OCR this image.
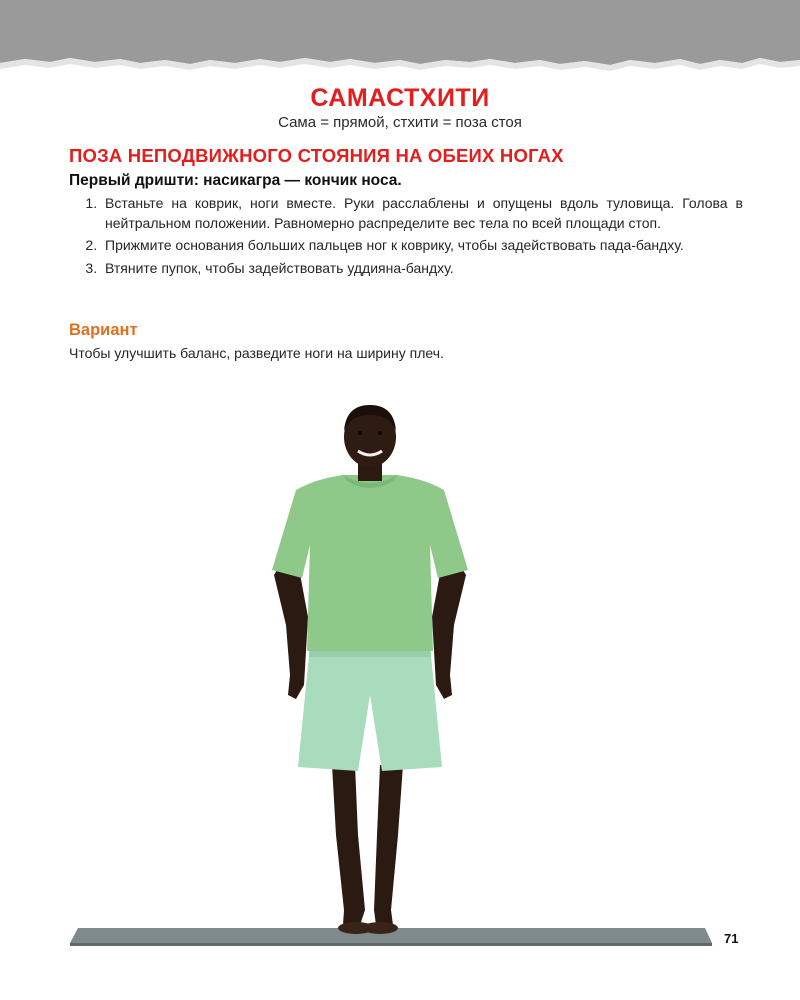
САМАСТХИТИ
Сама = прямой, стхити = поза стоя
ПОЗА НЕПОДВИЖНОГО СТОЯНИЯ НА ОБЕИХ НОГАХ
Первый дришти: насикагра — кончик носа.
1. Встаньте на коврик, ноги вместе. Руки расслаблены и опущены вдоль туловища. Голова в нейтральном положении. Равномерно распределите вес тела по всей площади стоп.
2. Прижмите основания больших пальцев ног к коврику, чтобы задействовать пада-бандху.
3. Втяните пупок, чтобы задействовать уддияна-бандху.
Вариант
Чтобы улучшить баланс, разведите ноги на ширину плеч.
71
